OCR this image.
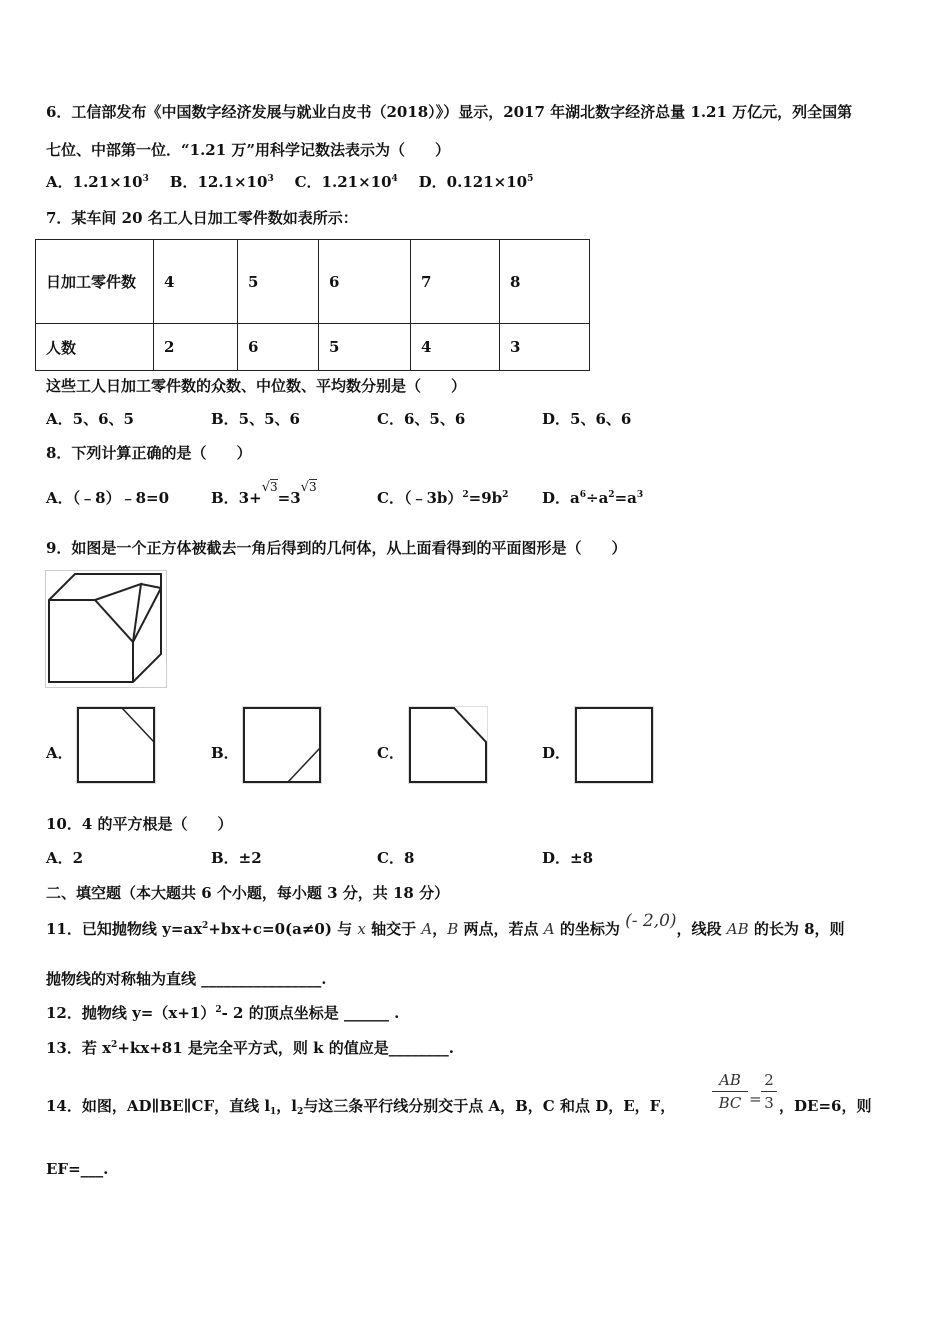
6．工信部发布《中国数字经济发展与就业白皮书（2018）》）显示，2017 年湖北数字经济总量 1.21 万亿元，列全国第
七位、中部第一位．“1.21 万”用科学记数法表示为（　　）
A．$1.21\times 10^3$ B．$12.1\times 10^3$ C．$1.21\times 10^4$ D．$0.121\times 10^5$
7．某车间 20 名工人日加工零件数如表所示：
日加工零件数	4	5	6	7	8
人数	2	6	5	4	3
这些工人日加工零件数的众数、中位数、平均数分别是（　　）
A．5、6、5	B．5、5、6	C．6、5、6	D．5、6、6
8．下列计算正确的是（　　）
A．（﹣8）﹣8=0	B．$3+^{√3}=3^{√3}$
C．$(﹣3b)^2=9b^2$ D．$a^6\div a^2=a^3$
9．如图是一个正方体被截去一角后得到的几何体，从上面看得到的平面图形是（　　）
A．	B．	C．	D．
10．4 的平方根是（　　）
A．2	B．±2	C．8	D．±8
二、填空题（本大题共 6 个小题，每小题 3 分，共 18 分）
11．已知抛物线 $y=ax^2+bx+c=0(a\ne 0)$ 与 x 轴交于 A，B 两点，若点 A 的坐标为 (- 2,0)，线段 AB 的长为 8，则
抛物线的对称轴为直线 ________________.
12．抛物线 $y=(x+1)^2-$ 2 的顶点坐标是 ______ .
13．若 $x^2+kx+81$ 是完全平方式，则 k 的值应是________.
14．如图，AD∥BE∥CF，直线 $l_1$，$l_2$与这三条平行线分别交于点 A，B，C 和点 D，E，F，
AB
BC =
2
3 ，DE=6，则
EF=___.
